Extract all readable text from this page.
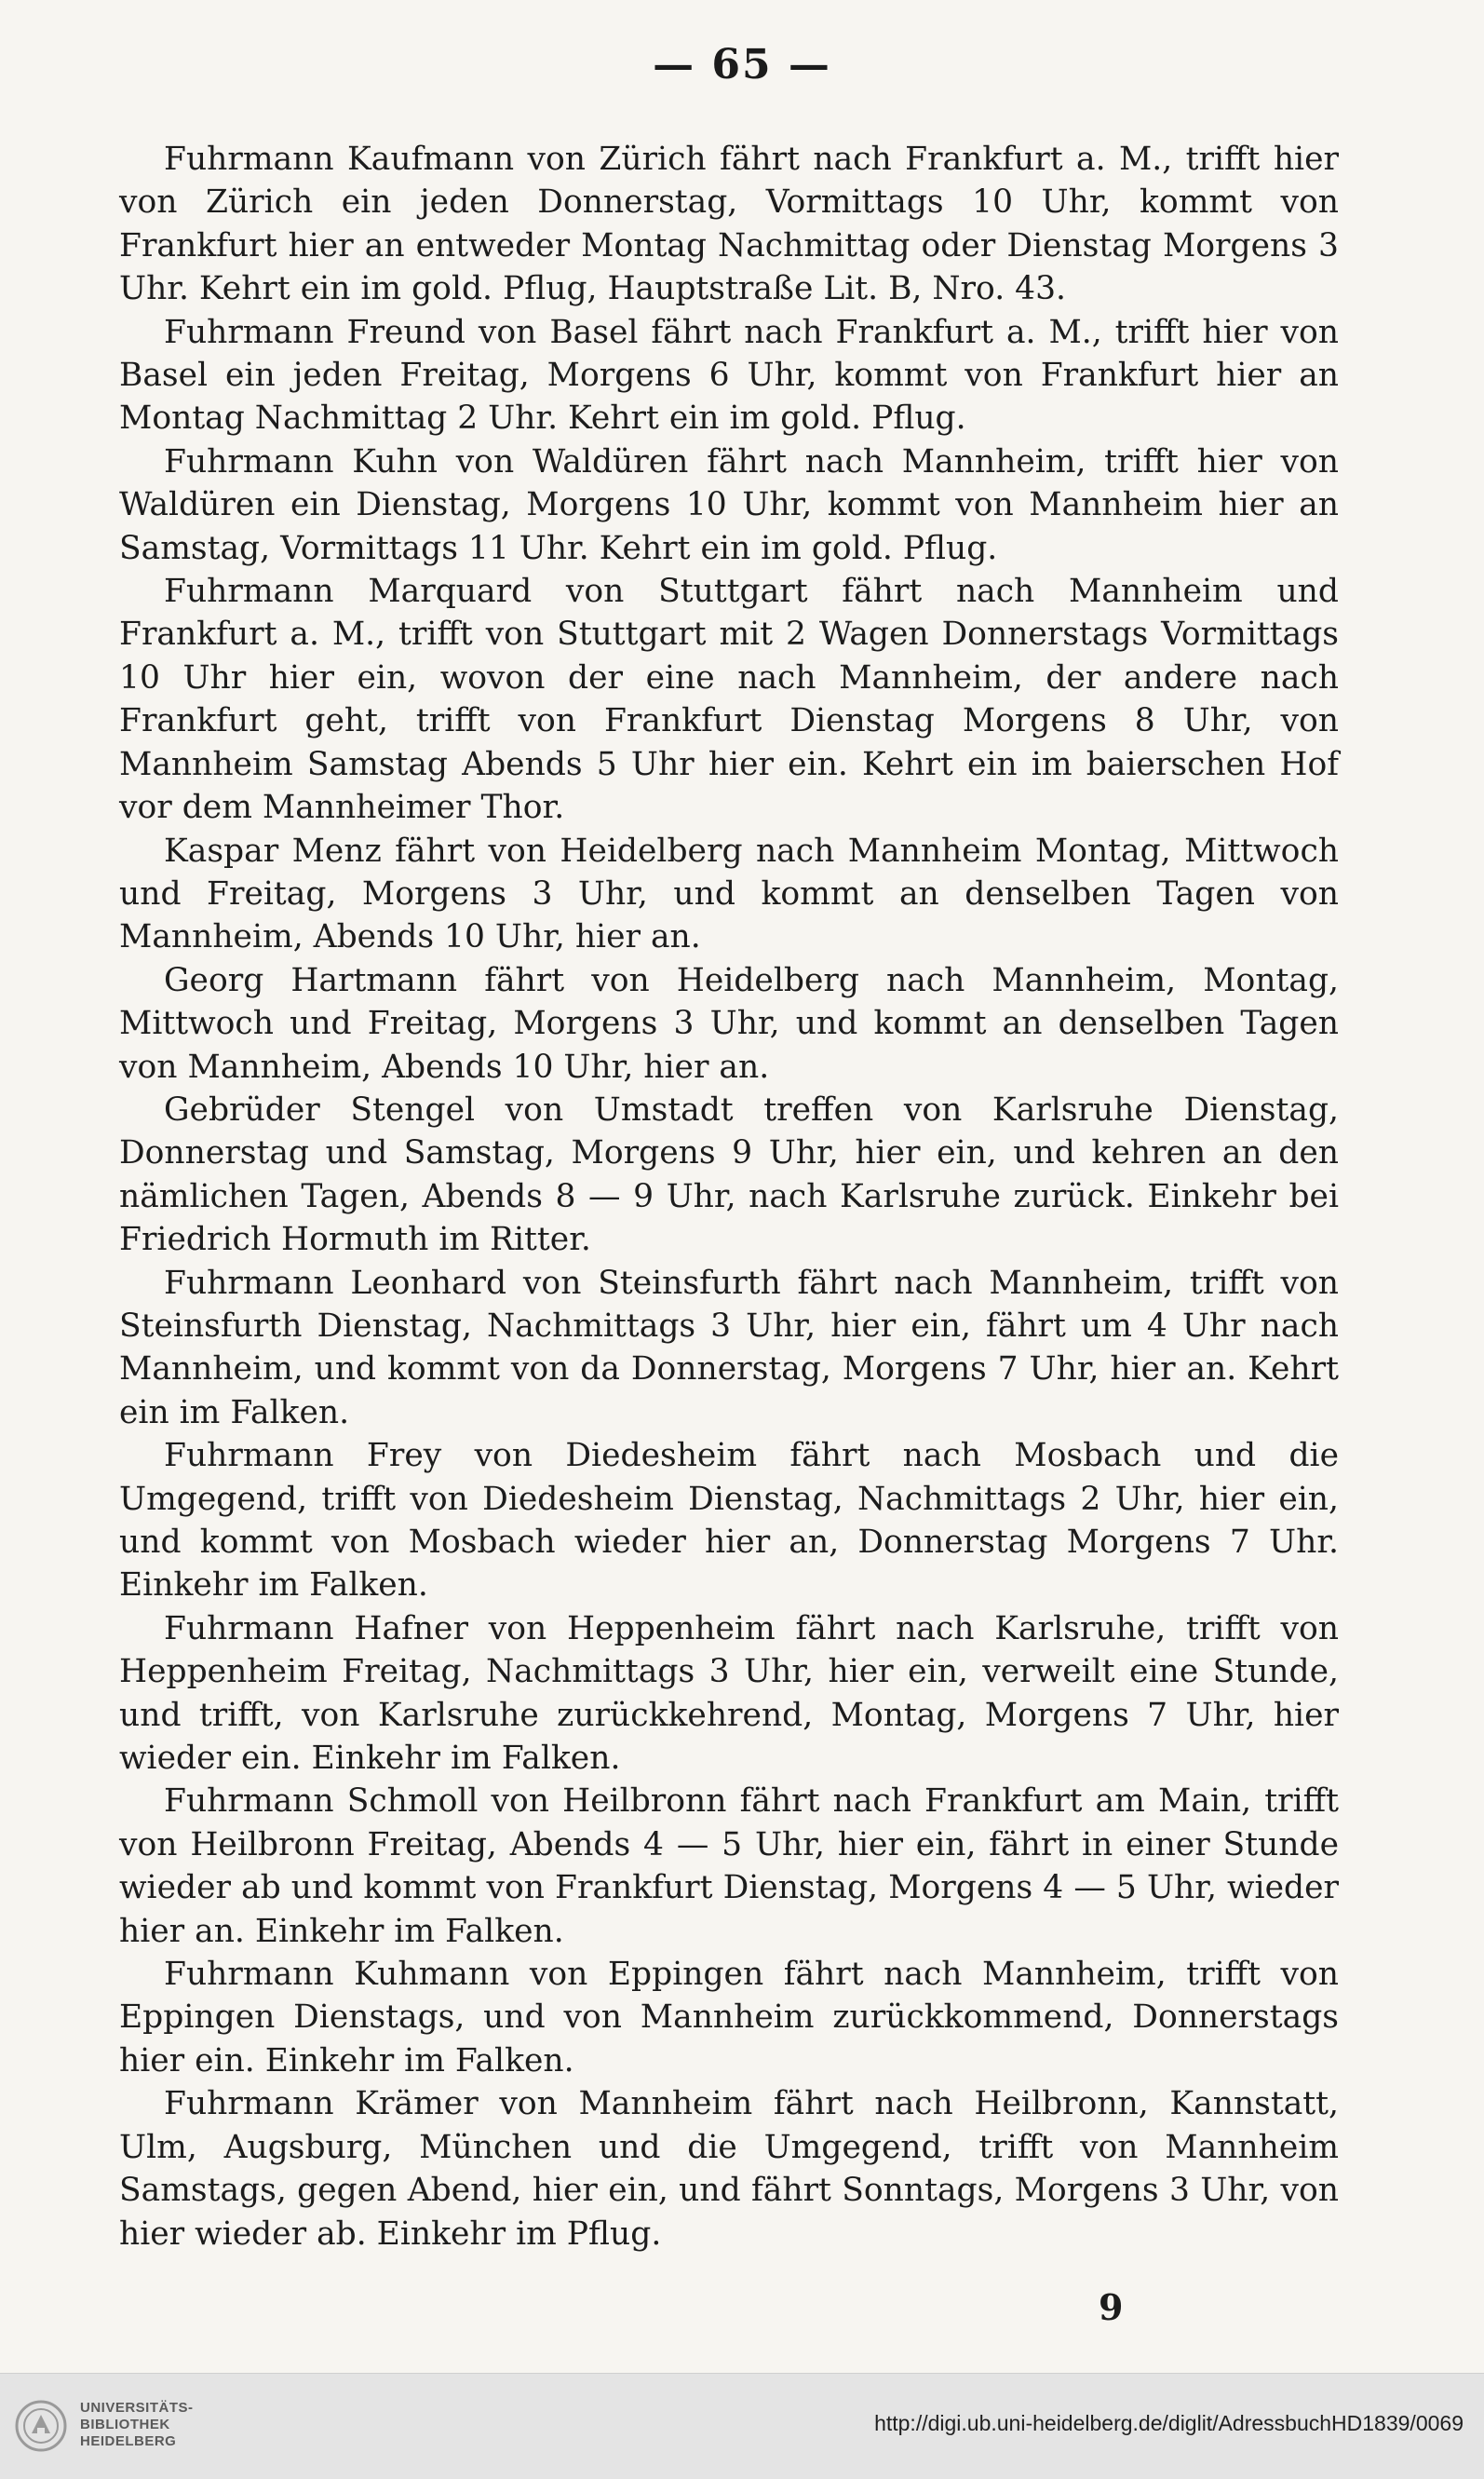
— 65 —

Fuhrmann Kaufmann von Zürich fährt nach Frankfurt a. M., trifft hier von Zürich ein jeden Donnerstag, Vormittags 10 Uhr, kommt von Frankfurt hier an entweder Montag Nachmittag oder Dienstag Morgens 3 Uhr. Kehrt ein im gold. Pflug, Hauptstraße Lit. B, Nro. 43.

Fuhrmann Freund von Basel fährt nach Frankfurt a. M., trifft hier von Basel ein jeden Freitag, Morgens 6 Uhr, kommt von Frankfurt hier an Montag Nachmittag 2 Uhr. Kehrt ein im gold. Pflug.

Fuhrmann Kuhn von Waldüren fährt nach Mannheim, trifft hier von Waldüren ein Dienstag, Morgens 10 Uhr, kommt von Mannheim hier an Samstag, Vormittags 11 Uhr. Kehrt ein im gold. Pflug.

Fuhrmann Marquard von Stuttgart fährt nach Mannheim und Frankfurt a. M., trifft von Stuttgart mit 2 Wagen Donnerstags Vormittags 10 Uhr hier ein, wovon der eine nach Mannheim, der andere nach Frankfurt geht, trifft von Frankfurt Dienstag Morgens 8 Uhr, von Mannheim Samstag Abends 5 Uhr hier ein. Kehrt ein im baierschen Hof vor dem Mannheimer Thor.

Kaspar Menz fährt von Heidelberg nach Mannheim Montag, Mittwoch und Freitag, Morgens 3 Uhr, und kommt an denselben Tagen von Mannheim, Abends 10 Uhr, hier an.

Georg Hartmann fährt von Heidelberg nach Mannheim, Montag, Mittwoch und Freitag, Morgens 3 Uhr, und kommt an denselben Tagen von Mannheim, Abends 10 Uhr, hier an.

Gebrüder Stengel von Umstadt treffen von Karlsruhe Dienstag, Donnerstag und Samstag, Morgens 9 Uhr, hier ein, und kehren an den nämlichen Tagen, Abends 8 — 9 Uhr, nach Karlsruhe zurück. Einkehr bei Friedrich Hormuth im Ritter.

Fuhrmann Leonhard von Steinsfurth fährt nach Mannheim, trifft von Steinsfurth Dienstag, Nachmittags 3 Uhr, hier ein, fährt um 4 Uhr nach Mannheim, und kommt von da Donnerstag, Morgens 7 Uhr, hier an. Kehrt ein im Falken.

Fuhrmann Frey von Diedesheim fährt nach Mosbach und die Umgegend, trifft von Diedesheim Dienstag, Nachmittags 2 Uhr, hier ein, und kommt von Mosbach wieder hier an, Donnerstag Morgens 7 Uhr. Einkehr im Falken.

Fuhrmann Hafner von Heppenheim fährt nach Karlsruhe, trifft von Heppenheim Freitag, Nachmittags 3 Uhr, hier ein, verweilt eine Stunde, und trifft, von Karlsruhe zurückkehrend, Montag, Morgens 7 Uhr, hier wieder ein. Einkehr im Falken.

Fuhrmann Schmoll von Heilbronn fährt nach Frankfurt am Main, trifft von Heilbronn Freitag, Abends 4 — 5 Uhr, hier ein, fährt in einer Stunde wieder ab und kommt von Frankfurt Dienstag, Morgens 4 — 5 Uhr, wieder hier an. Einkehr im Falken.

Fuhrmann Kuhmann von Eppingen fährt nach Mannheim, trifft von Eppingen Dienstags, und von Mannheim zurückkommend, Donnerstags hier ein. Einkehr im Falken.

Fuhrmann Krämer von Mannheim fährt nach Heilbronn, Kannstatt, Ulm, Augsburg, München und die Umgegend, trifft von Mannheim Samstags, gegen Abend, hier ein, und fährt Sonntags, Morgens 3 Uhr, von hier wieder ab. Einkehr im Pflug.

9
UNIVERSITÄTS-
BIBLIOTHEK
HEIDELBERG
http://digi.ub.uni-heidelberg.de/diglit/AdressbuchHD1839/0069
